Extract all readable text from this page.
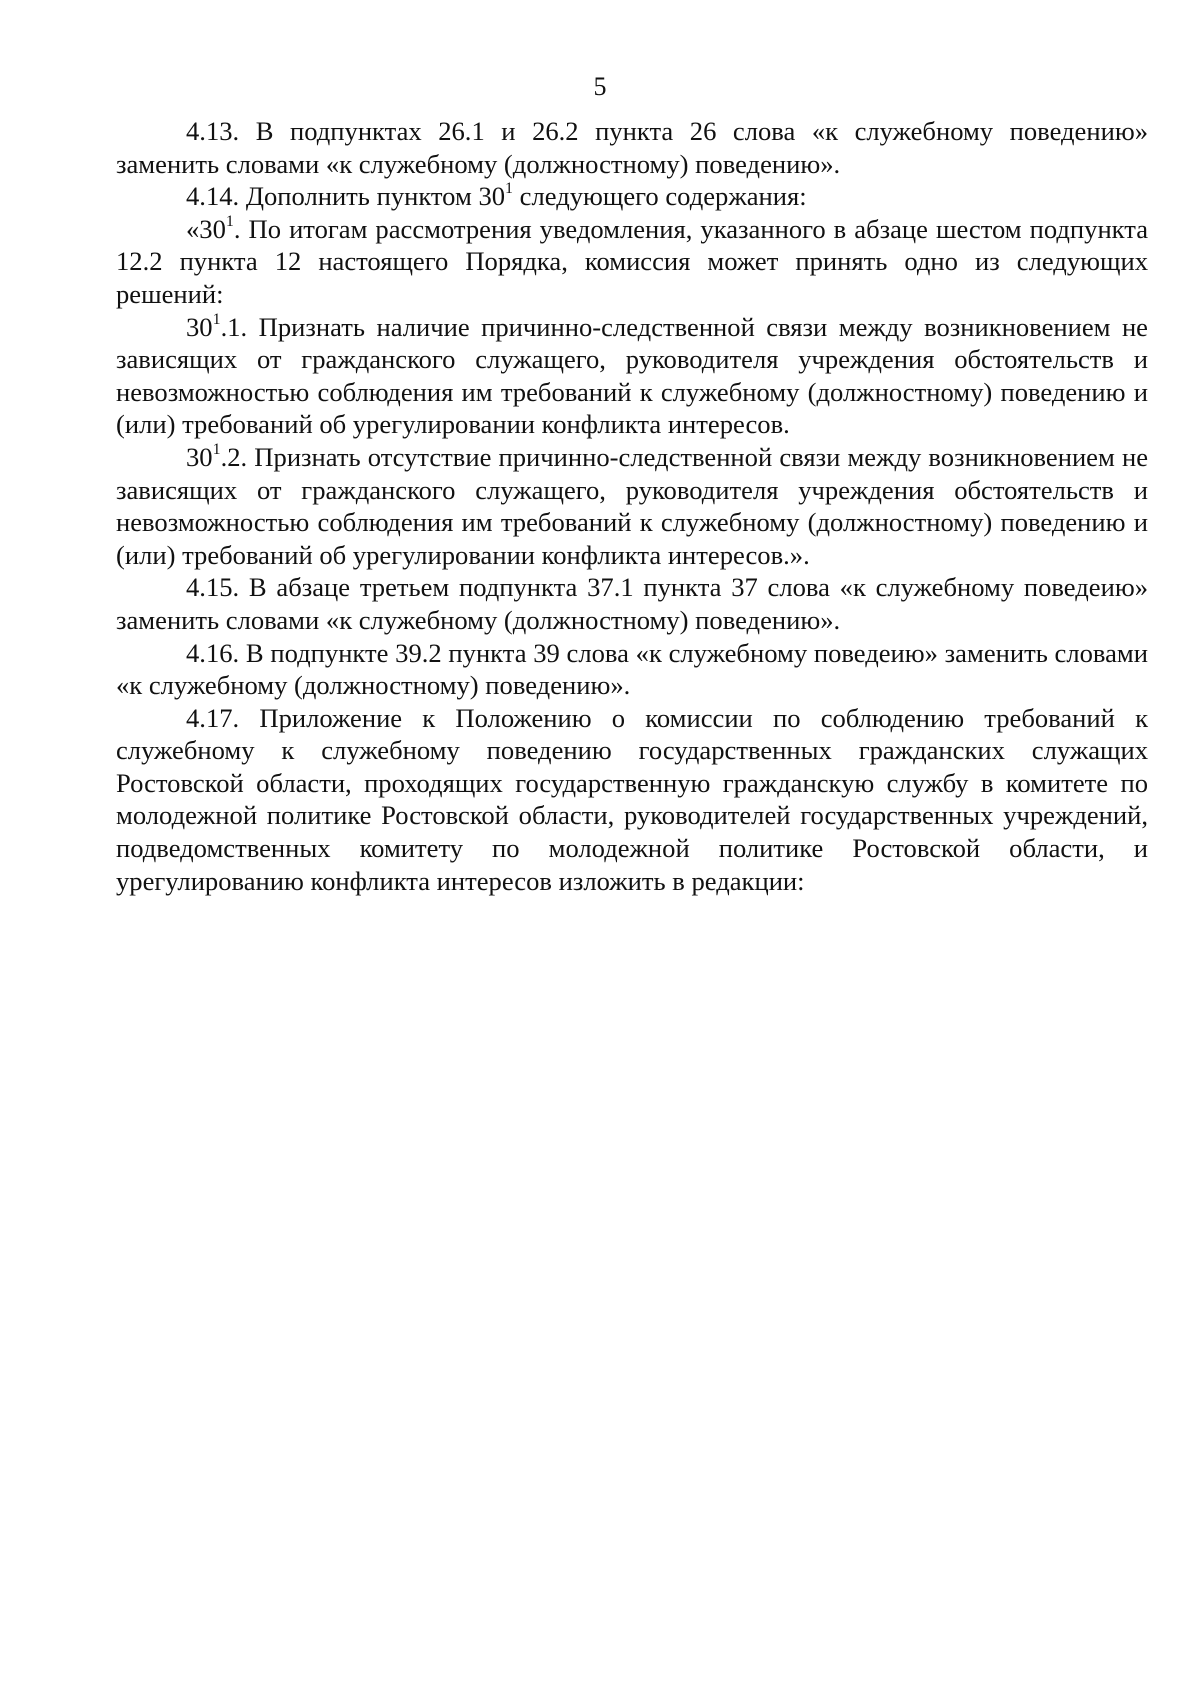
5

4.13. В подпунктах 26.1 и 26.2 пункта 26 слова «к служебному поведению» заменить словами «к служебному (должностному) поведению».

4.14. Дополнить пунктом $30^1$ следующего содержания:

«$30^1$. По итогам рассмотрения уведомления, указанного в абзаце шестом подпункта 12.2 пункта 12 настоящего Порядка, комиссия может принять одно из следующих решений:

$30^1.1$. Признать наличие причинно-следственной связи между возникновением не зависящих от гражданского служащего, руководителя учреждения обстоятельств и невозможностью соблюдения им требований к служебному (должностному) поведению и (или) требований об урегулировании конфликта интересов.

$30^1.2$. Признать отсутствие причинно-следственной связи между возникновением не зависящих от гражданского служащего, руководителя учреждения обстоятельств и невозможностью соблюдения им требований к служебному (должностному) поведению и (или) требований об урегулировании конфликта интересов.».

4.15. В абзаце третьем подпункта 37.1 пункта 37 слова «к служебному поведеию» заменить словами «к служебному (должностному) поведению».

4.16. В подпункте 39.2 пункта 39 слова «к служебному поведеию» заменить словами «к служебному (должностному) поведению».

4.17. Приложение к Положению о комиссии по соблюдению требований к служебному к служебному поведению государственных гражданских служащих Ростовской области, проходящих государственную гражданскую службу в комитете по молодежной политике Ростовской области, руководителей государственных учреждений, подведомственных комитету по молодежной политике Ростовской области, и урегулированию конфликта интересов изложить в редакции:
